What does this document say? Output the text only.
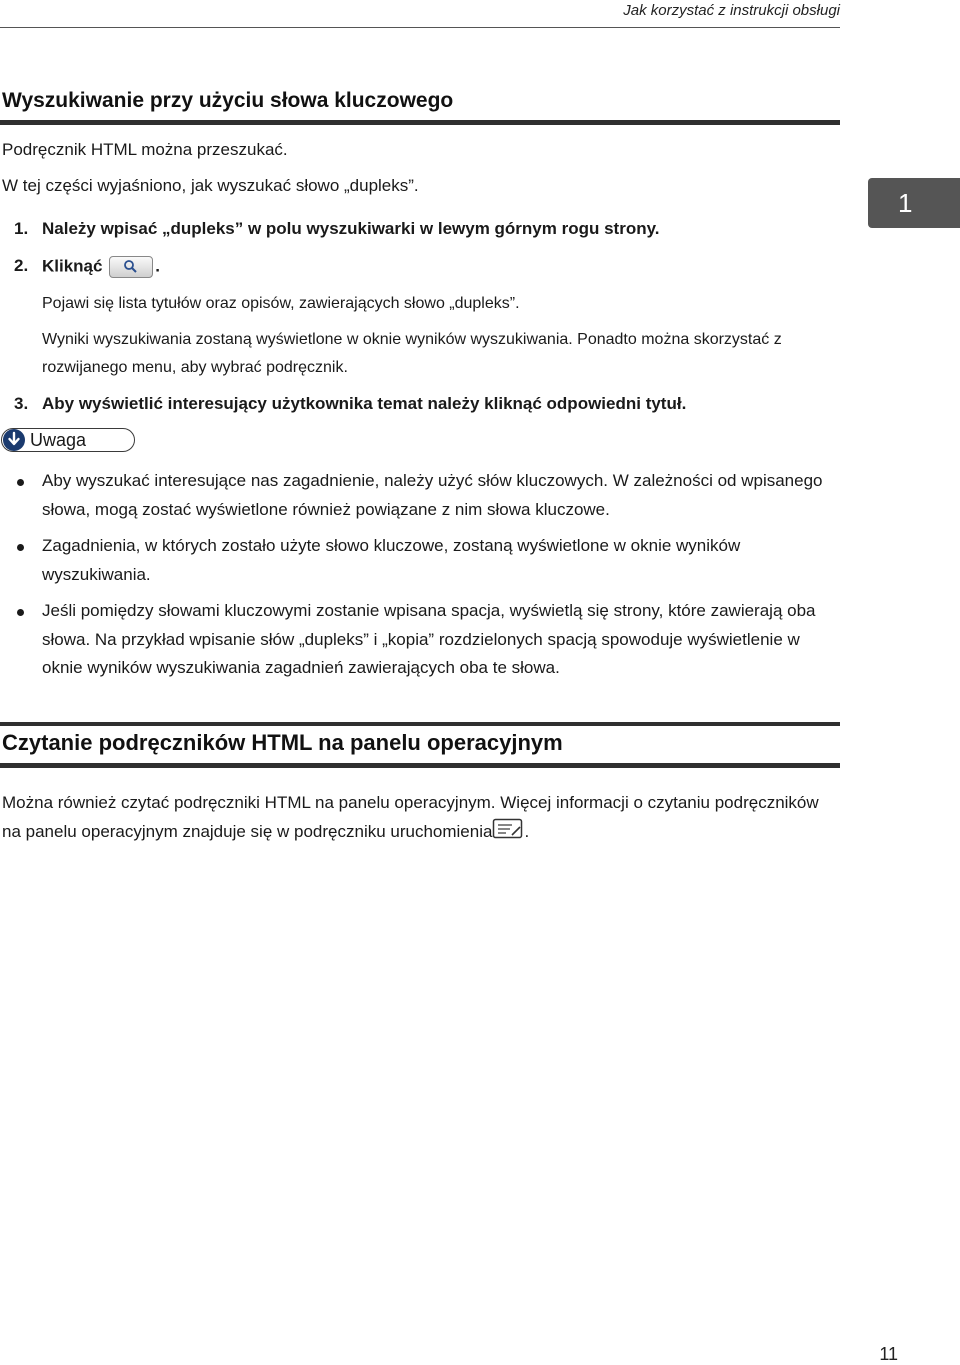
Jak korzystać z instrukcji obsługi
1
Wyszukiwanie przy użyciu słowa kluczowego
Podręcznik HTML można przeszukać.
W tej części wyjaśniono, jak wyszukać słowo „dupleks”.
1. Należy wpisać „dupleks” w polu wyszukiwarki w lewym górnym rogu strony.
2. Kliknąć	.
Pojawi się lista tytułów oraz opisów, zawierających słowo „dupleks”.
Wyniki wyszukiwania zostaną wyświetlone w oknie wyników wyszukiwania. Ponadto można skorzystać z rozwijanego menu, aby wybrać podręcznik.
3. Aby wyświetlić interesujący użytkownika temat należy kliknąć odpowiedni tytuł.
Uwaga
Aby wyszukać interesujące nas zagadnienie, należy użyć słów kluczowych. W zależności od wpisanego słowa, mogą zostać wyświetlone również powiązane z nim słowa kluczowe.
Zagadnienia, w których zostało użyte słowo kluczowe, zostaną wyświetlone w oknie wyników wyszukiwania.
Jeśli pomiędzy słowami kluczowymi zostanie wpisana spacja, wyświetlą się strony, które zawierają oba słowa. Na przykład wpisanie słów „dupleks” i „kopia” rozdzielonych spacją spowoduje wyświetlenie w oknie wyników wyszukiwania zagadnień zawierających oba te słowa.
Czytanie podręczników HTML na panelu operacyjnym
Można również czytać podręczniki HTML na panelu operacyjnym. Więcej informacji o czytaniu podręczników na panelu operacyjnym znajduje się w podręczniku uruchomienia .
11
